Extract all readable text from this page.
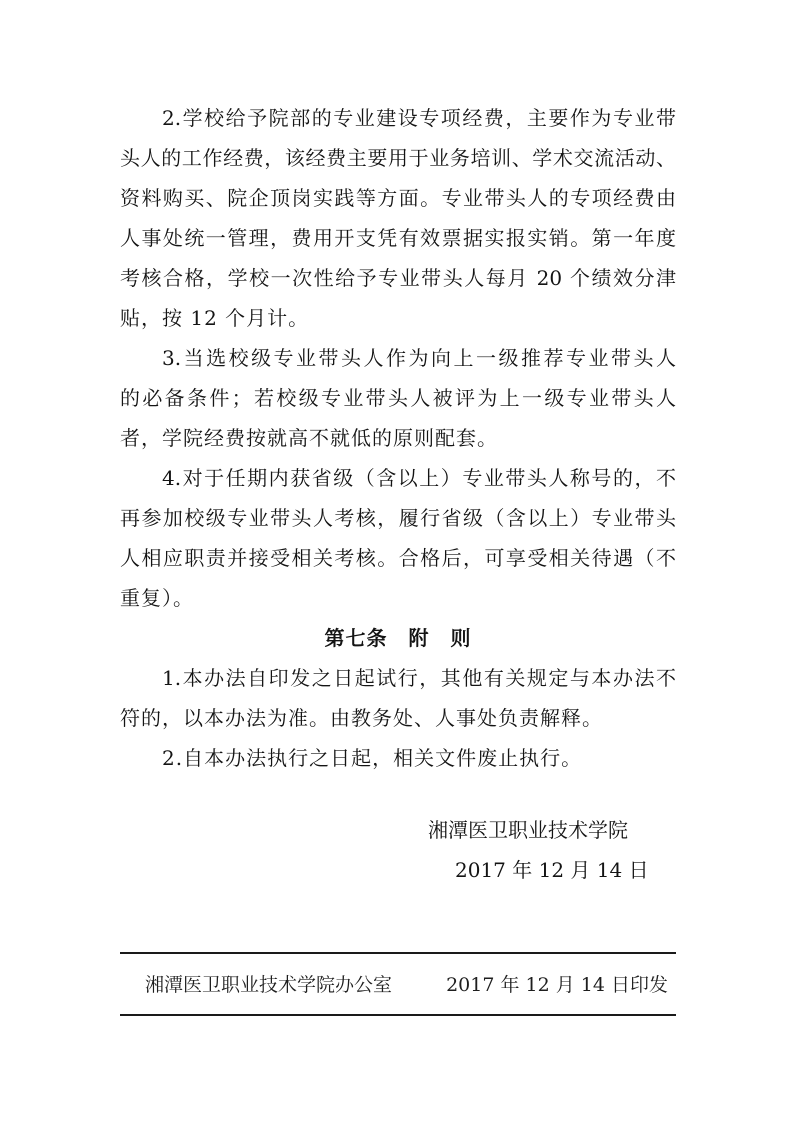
2.学校给予院部的专业建设专项经费，主要作为专业带
头人的工作经费，该经费主要用于业务培训、学术交流活动、
资料购买、院企顶岗实践等方面。专业带头人的专项经费由
人事处统一管理，费用开支凭有效票据实报实销。第一年度
考核合格，学校一次性给予专业带头人每月 20 个绩效分津
贴，按 12 个月计。
3.当选校级专业带头人作为向上一级推荐专业带头人
的必备条件；若校级专业带头人被评为上一级专业带头人
者，学院经费按就高不就低的原则配套。
4.对于任期内获省级（含以上）专业带头人称号的，不
再参加校级专业带头人考核，履行省级（含以上）专业带头
人相应职责并接受相关考核。合格后，可享受相关待遇（不
重复）。
第七条　附　则
1.本办法自印发之日起试行，其他有关规定与本办法不
符的，以本办法为准。由教务处、人事处负责解释。
2.自本办法执行之日起，相关文件废止执行。
湘潭医卫职业技术学院
2017 年 12 月 14 日
湘潭医卫职业技术学院办公室	2017 年 12 月 14 日印发
